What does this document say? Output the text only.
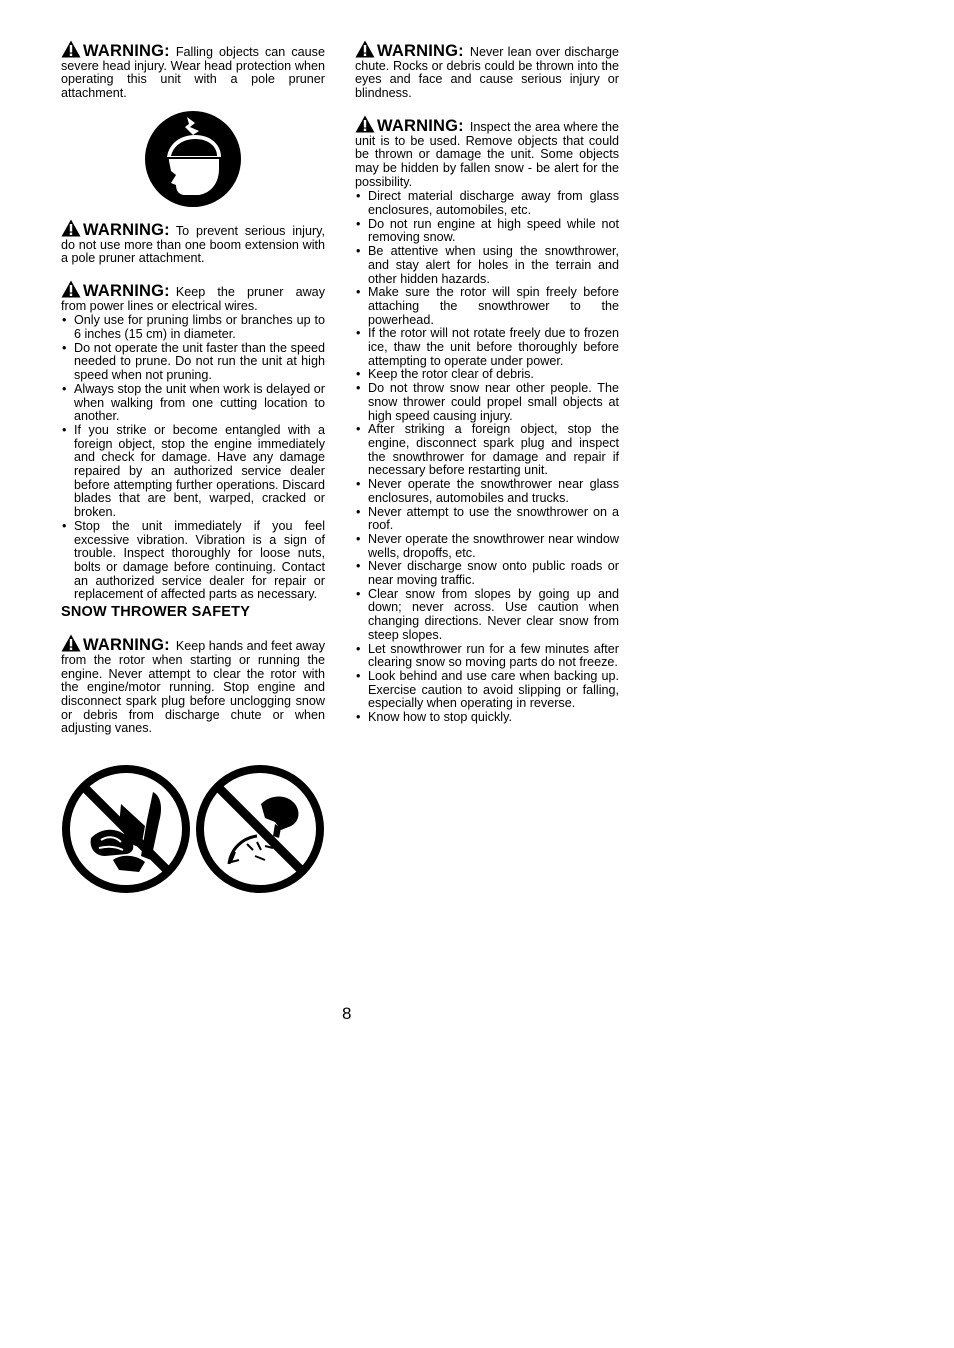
WARNING: Falling objects can cause severe head injury. Wear head protection when operating this unit with a pole pruner attachment.

WARNING: To prevent serious injury, do not use more than one boom extension with a pole pruner attachment.

WARNING: Keep the pruner away from power lines or electrical wires.

• Only use for pruning limbs or branches up to 6 inches (15 cm) in diameter.
• Do not operate the unit faster than the speed needed to prune. Do not run the unit at high speed when not pruning.
• Always stop the unit when work is delayed or when walking from one cutting location to another.
• If you strike or become entangled with a foreign object, stop the engine immediately and check for damage. Have any damage repaired by an authorized service dealer before attempting further operations. Discard blades that are bent, warped, cracked or broken.
• Stop the unit immediately if you feel excessive vibration. Vibration is a sign of trouble. Inspect thoroughly for loose nuts, bolts or damage before continuing. Contact an authorized service dealer for repair or replacement of affected parts as necessary.
SNOW THROWER SAFETY

WARNING: Keep hands and feet away from the rotor when starting or running the engine. Never attempt to clear the rotor with the engine/motor running. Stop engine and disconnect spark plug before unclogging snow or debris from discharge chute or when adjusting vanes.

WARNING: Never lean over discharge chute. Rocks or debris could be thrown into the eyes and face and cause serious injury or blindness.

WARNING: Inspect the area where the unit is to be used. Remove objects that could be thrown or damage the unit. Some objects may be hidden by fallen snow - be alert for the possibility.

• Direct material discharge away from glass enclosures, automobiles, etc.
• Do not run engine at high speed while not removing snow.
• Be attentive when using the snowthrower, and stay alert for holes in the terrain and other hidden hazards.
• Make sure the rotor will spin freely before attaching the snowthrower to the powerhead.
• If the rotor will not rotate freely due to frozen ice, thaw the unit before thoroughly before attempting to operate under power.
• Keep the rotor clear of debris.
• Do not throw snow near other people. The snow thrower could propel small objects at high speed causing injury.
• After striking a foreign object, stop the engine, disconnect spark plug and inspect the snowthrower for damage and repair if necessary before restarting unit.
• Never operate the snowthrower near glass enclosures, automobiles and trucks.
• Never attempt to use the snowthrower on a roof.
• Never operate the snowthrower near window wells, dropoffs, etc.
• Never discharge snow onto public roads or near moving traffic.
• Clear snow from slopes by going up and down; never across. Use caution when changing directions. Never clear snow from steep slopes.
• Let snowthrower run for a few minutes after clearing snow so moving parts do not freeze.
• Look behind and use care when backing up. Exercise caution to avoid slipping or falling, especially when operating in reverse.
• Know how to stop quickly.
8
